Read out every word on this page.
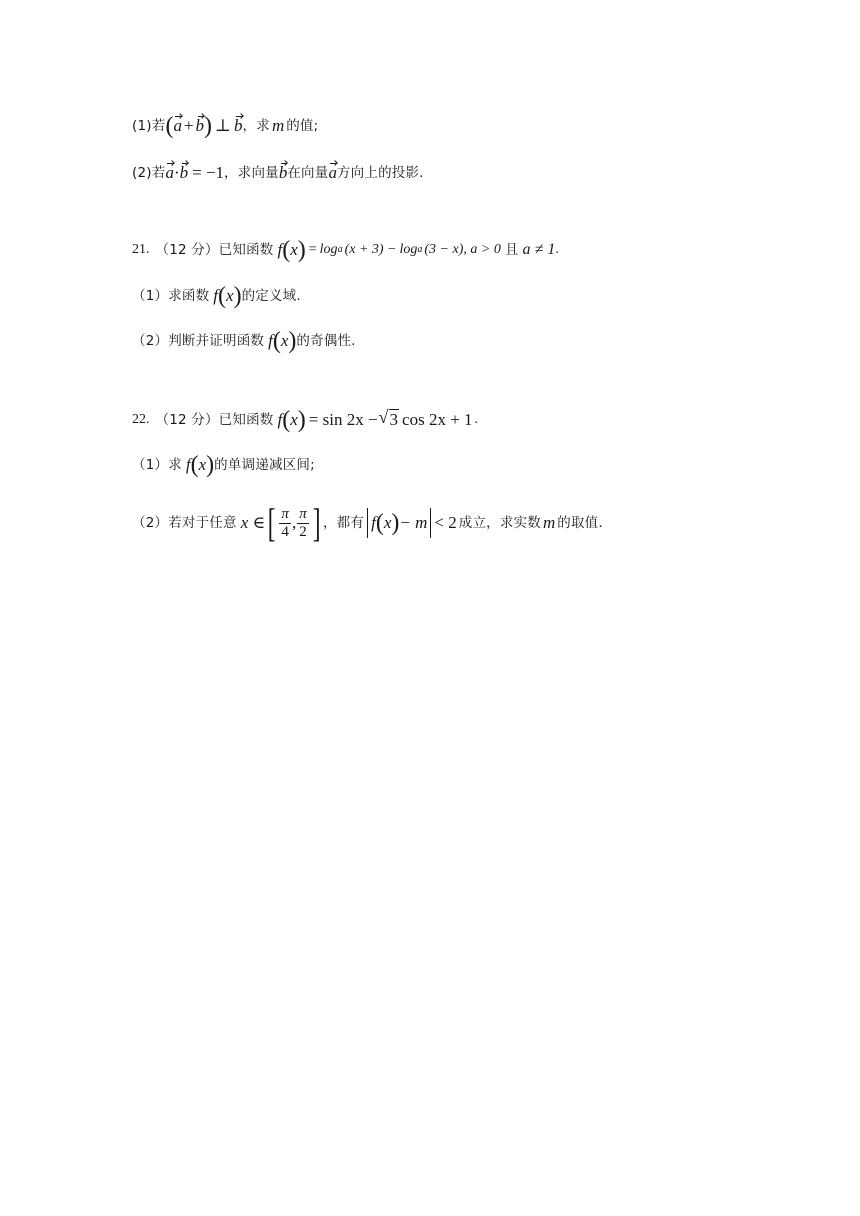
(1)若 ( a + b ) ⊥ b ，求 m 的值;
(2)若 a · b = −1 ，求向量 b 在向量 a 方向上的投影.
21. （12 分）已知函数 f ( x ) = log a (x + 3) − log a (3 − x), a > 0 且 a ≠ 1 .
（1）求函数 f ( x ) 的定义域.
（2）判断并证明函数 f ( x ) 的奇偶性.
22. （12 分）已知函数 f ( x ) = sin 2x −
√ 3 cos 2x + 1 .
（1）求 f ( x ) 的单调递减区间;
（2）若对于任意 x ∈ [ $\frac{\pi}{4}$ , $\frac{\pi}{2}$ ] ，都有 f ( x ) − m < 2 成立，求实数 m 的取值.
